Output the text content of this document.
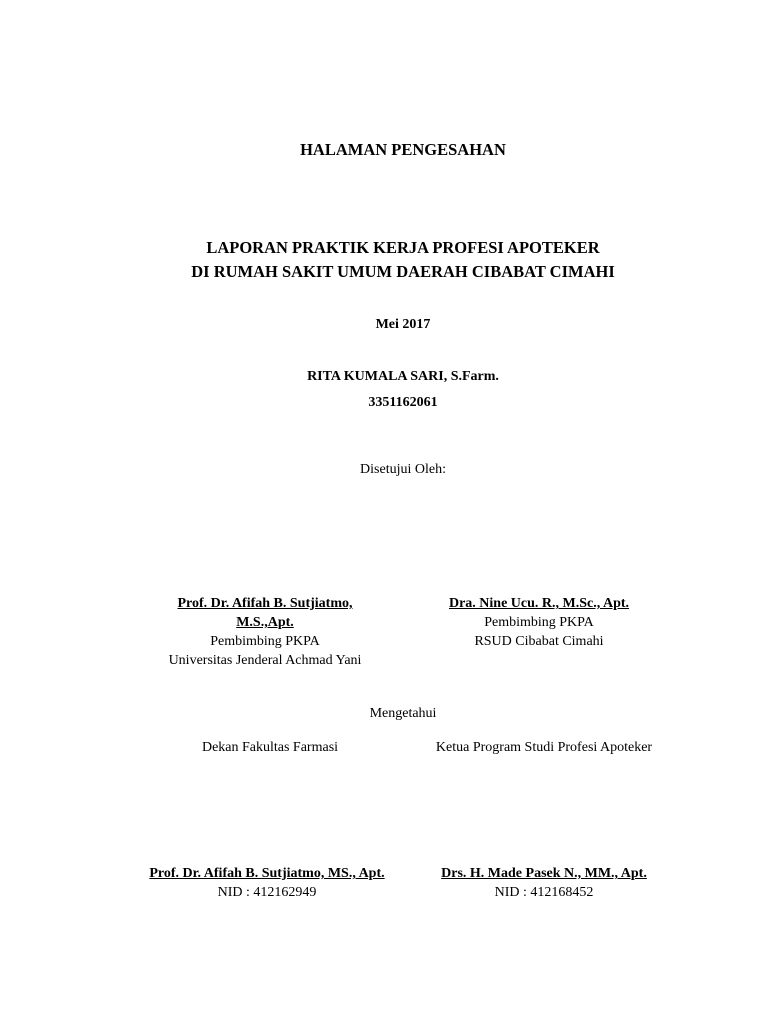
HALAMAN PENGESAHAN
LAPORAN PRAKTIK KERJA PROFESI APOTEKER
DI RUMAH SAKIT UMUM DAERAH CIBABAT CIMAHI
Mei 2017
RITA KUMALA SARI, S.Farm.
3351162061
Disetujui Oleh:
Prof. Dr. Afifah B. Sutjiatmo,
M.S.,Apt.
Pembimbing PKPA
Universitas Jenderal Achmad Yani
Dra. Nine Ucu. R., M.Sc., Apt.
Pembimbing PKPA
RSUD Cibabat Cimahi
Mengetahui
Dekan Fakultas Farmasi	Ketua Program Studi Profesi Apoteker
Prof. Dr. Afifah B. Sutjiatmo, MS., Apt.
NID : 412162949
Drs. H. Made Pasek N., MM., Apt.
NID : 412168452
